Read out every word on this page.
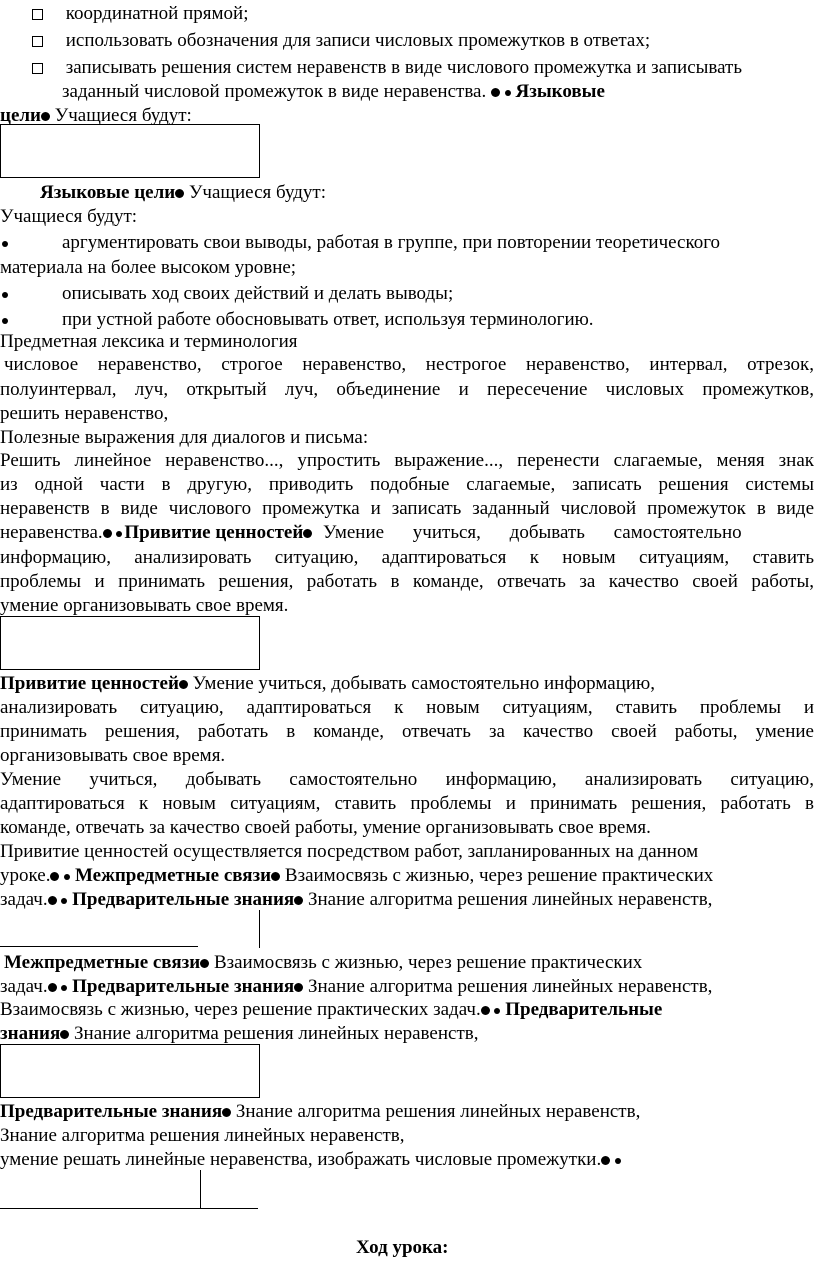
координатной прямой;
использовать обозначения для записи числовых промежутков в ответах;
записывать решения систем неравенств в виде числового промежутка и записывать
заданный числовой промежуток в виде неравенства. Языковые
цели Учащиеся будут:
Языковые цели Учащиеся будут:
Учащиеся будут:
аргументировать свои выводы, работая в группе, при повторении теоретического
материала на более высоком уровне;
описывать ход своих действий и делать выводы;
при устной работе обосновывать ответ, используя терминологию.
Предметная лексика и терминология
числовое неравенство, строгое неравенство, нестрогое неравенство, интервал, отрезок,
полуинтервал, луч, открытый луч, объединение и пересечение числовых промежутков,
решить неравенство,
Полезные выражения для диалогов и письма:
Решить линейное неравенство..., упростить выражение..., перенести слагаемые, меняя знак
из одной части в другую, приводить подобные слагаемые, записать решения системы
неравенств в виде числового промежутка и записать заданный числовой промежуток в виде
неравенства. Привитие ценностей Умение учиться, добывать самостоятельно
информацию, анализировать ситуацию, адаптироваться к новым ситуациям, ставить
проблемы и принимать решения, работать в команде, отвечать за качество своей работы,
умение организовывать свое время.
Привитие ценностей Умение учиться, добывать самостоятельно информацию,
анализировать ситуацию, адаптироваться к новым ситуациям, ставить проблемы и
принимать решения, работать в команде, отвечать за качество своей работы, умение
организовывать свое время.
Умение учиться, добывать самостоятельно информацию, анализировать ситуацию,
адаптироваться к новым ситуациям, ставить проблемы и принимать решения, работать в
команде, отвечать за качество своей работы, умение организовывать свое время.
Привитие ценностей осуществляется посредством работ, запланированных на данном
уроке. Межпредметные связи Взаимосвязь с жизнью, через решение практических
задач. Предварительные знания Знание алгоритма решения линейных неравенств,
Межпредметные связи Взаимосвязь с жизнью, через решение практических
задач. Предварительные знания Знание алгоритма решения линейных неравенств,
Взаимосвязь с жизнью, через решение практических задач. Предварительные
знания Знание алгоритма решения линейных неравенств,
Предварительные знания Знание алгоритма решения линейных неравенств,
Знание алгоритма решения линейных неравенств,
умение решать линейные неравенства, изображать числовые промежутки.
Ход урока:
